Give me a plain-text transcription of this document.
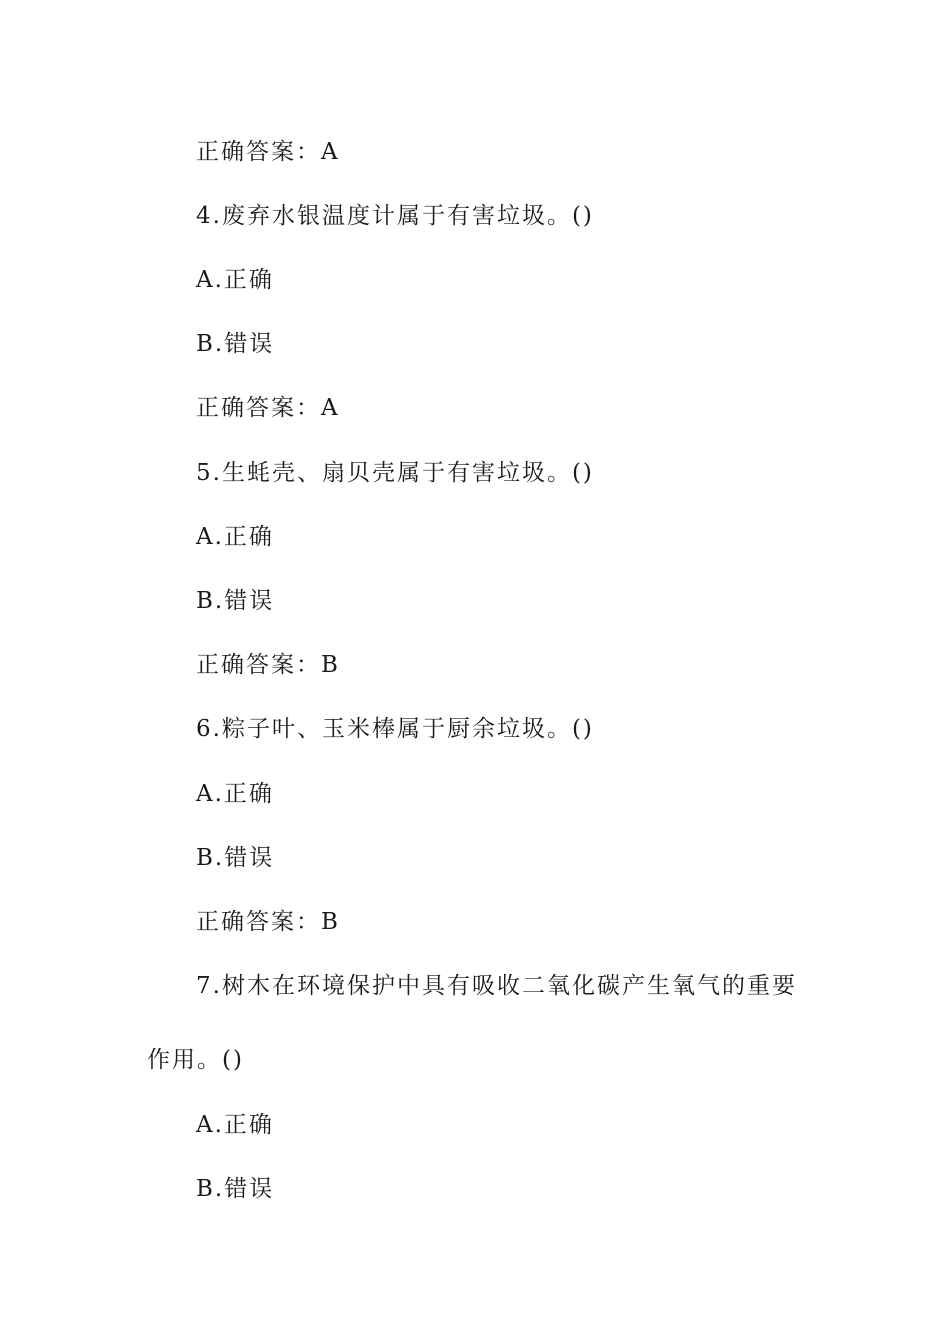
正确答案：A
4.废弃水银温度计属于有害垃圾。()
A.正确
B.错误
正确答案：A
5.生蚝壳、扇贝壳属于有害垃圾。()
A.正确
B.错误
正确答案：B
6.粽子叶、玉米棒属于厨余垃圾。()
A.正确
B.错误
正确答案：B
7.树木在环境保护中具有吸收二氧化碳产生氧气的重要
作用。()
A.正确
B.错误
